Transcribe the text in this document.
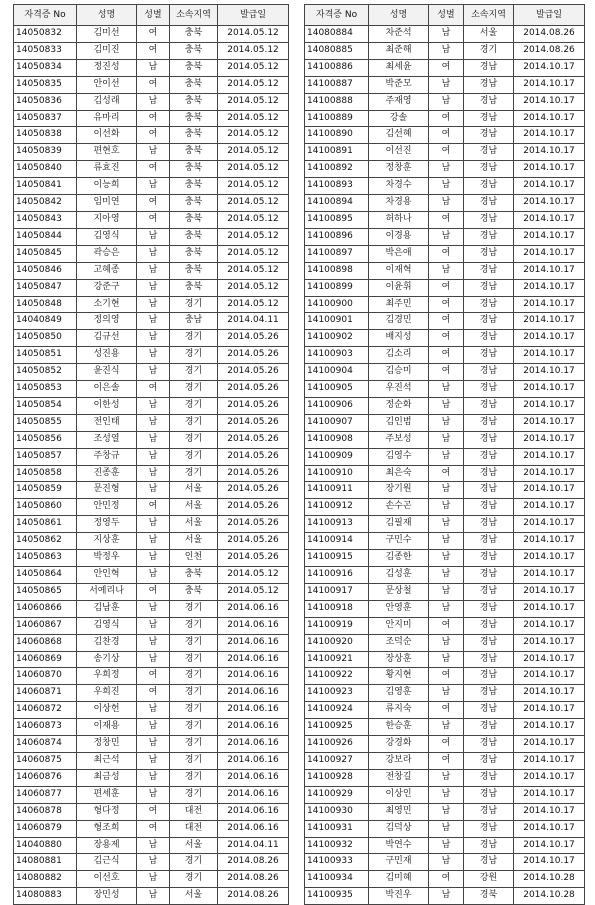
자격증 No	성명	성별	소속지역	발급일
14050832	김미선	여	충북	2014.05.12
14050833	김미진	여	충북	2014.05.12
14050834	정진성	남	충북	2014.05.12
14050835	안이선	여	충북	2014.05.12
14050836	김성래	남	충북	2014.05.12
14050837	유마리	여	충북	2014.05.12
14050838	이선화	여	충북	2014.05.12
14050839	편현호	남	충북	2014.05.12
14050840	류효진	여	충북	2014.05.12
14050841	이능희	남	충북	2014.05.12
14050842	임미연	여	충북	2014.05.12
14050843	지아영	여	충북	2014.05.12
14050844	김영식	남	충북	2014.05.12
14050845	곽승은	남	충북	2014.05.12
14050846	고혜종	남	충북	2014.05.12
14050847	강준구	남	충북	2014.05.12
14050848	소기현	남	경기	2014.05.12
14040849	정의영	남	충남	2014.04.11
14050850	김규선	남	경기	2014.05.26
14050851	성진용	남	경기	2014.05.26
14050852	윤진식	남	경기	2014.05.26
14050853	이은솔	여	경기	2014.05.26
14050854	이한성	남	경기	2014.05.26
14050855	전인태	남	경기	2014.05.26
14050856	조성열	남	경기	2014.05.26
14050857	주창규	남	경기	2014.05.26
14050858	진종훈	남	경기	2014.05.26
14050859	문진형	남	서울	2014.05.26
14050860	안민정	여	서울	2014.05.26
14050861	정영두	남	서울	2014.05.26
14050862	지상훈	남	서울	2014.05.26
14050863	박정우	남	인천	2014.05.26
14050864	안인혁	남	충북	2014.05.12
14050865	서예리나	여	충북	2014.05.12
14060866	김남훈	남	경기	2014.06.16
14060867	김영식	남	경기	2014.06.16
14060868	김찬경	남	경기	2014.06.16
14060869	송기상	남	경기	2014.06.16
14060870	우희정	여	경기	2014.06.16
14060871	우희진	여	경기	2014.06.16
14060872	이상헌	남	경기	2014.06.16
14060873	이재용	남	경기	2014.06.16
14060874	정창민	남	경기	2014.06.16
14060875	최근석	남	경기	2014.06.16
14060876	최금성	남	경기	2014.06.16
14060877	편세훈	남	경기	2014.06.16
14060878	형다정	여	대전	2014.06.16
14060879	형조희	여	대전	2014.06.16
14040880	장용제	남	서울	2014.04.11
14080881	김근식	남	경기	2014.08.26
14080882	이선호	남	경기	2014.08.26
14080883	장민성	남	서울	2014.08.26
자격증 No	성명	성별	소속지역	발급일
14080884	차준석	남	서울	2014.08.26
14080885	최준해	남	경기	2014.08.26
14100886	최세윤	여	경남	2014.10.17
14100887	박준모	남	경남	2014.10.17
14100888	주재영	남	경남	2014.10.17
14100889	강솔	여	경남	2014.10.17
14100890	김선혜	여	경남	2014.10.17
14100891	이선진	여	경남	2014.10.17
14100892	정창훈	남	경남	2014.10.17
14100893	차경수	남	경남	2014.10.17
14100894	차경용	남	경남	2014.10.17
14100895	허하나	여	경남	2014.10.17
14100896	이경용	남	경남	2014.10.17
14100897	박은애	여	경남	2014.10.17
14100898	이재혁	남	경남	2014.10.17
14100899	이윤휘	여	경남	2014.10.17
14100900	최주민	여	경남	2014.10.17
14100901	김경민	여	경남	2014.10.17
14100902	배지성	여	경남	2014.10.17
14100903	김소리	여	경남	2014.10.17
14100904	김승미	여	경남	2014.10.17
14100905	우진석	남	경남	2014.10.17
14100906	정순화	남	경남	2014.10.17
14100907	김인범	남	경남	2014.10.17
14100908	주보성	남	경남	2014.10.17
14100909	김영수	남	경남	2014.10.17
14100910	최은숙	여	경남	2014.10.17
14100911	장기원	남	경남	2014.10.17
14100912	손수곤	남	경남	2014.10.17
14100913	김필재	남	경남	2014.10.17
14100914	구민수	남	경남	2014.10.17
14100915	김종한	남	경남	2014.10.17
14100916	김성훈	남	경남	2014.10.17
14100917	문상철	남	경남	2014.10.17
14100918	안영훈	남	경남	2014.10.17
14100919	안지미	여	경남	2014.10.17
14100920	조덕순	남	경남	2014.10.17
14100921	장상훈	남	경남	2014.10.17
14100922	황지현	여	경남	2014.10.17
14100923	김영훈	남	경남	2014.10.17
14100924	류지숙	여	경남	2014.10.17
14100925	한승훈	남	경남	2014.10.17
14100926	강경화	여	경남	2014.10.17
14100927	강보라	여	경남	2014.10.17
14100928	전창길	남	경남	2014.10.17
14100929	이상인	남	경남	2014.10.17
14100930	최영민	남	경남	2014.10.17
14100931	김덕상	남	경남	2014.10.17
14100932	박연수	남	경남	2014.10.17
14100933	구민재	남	경남	2014.10.17
14100934	김미혜	여	강원	2014.10.28
14100935	박진우	남	경북	2014.10.28
